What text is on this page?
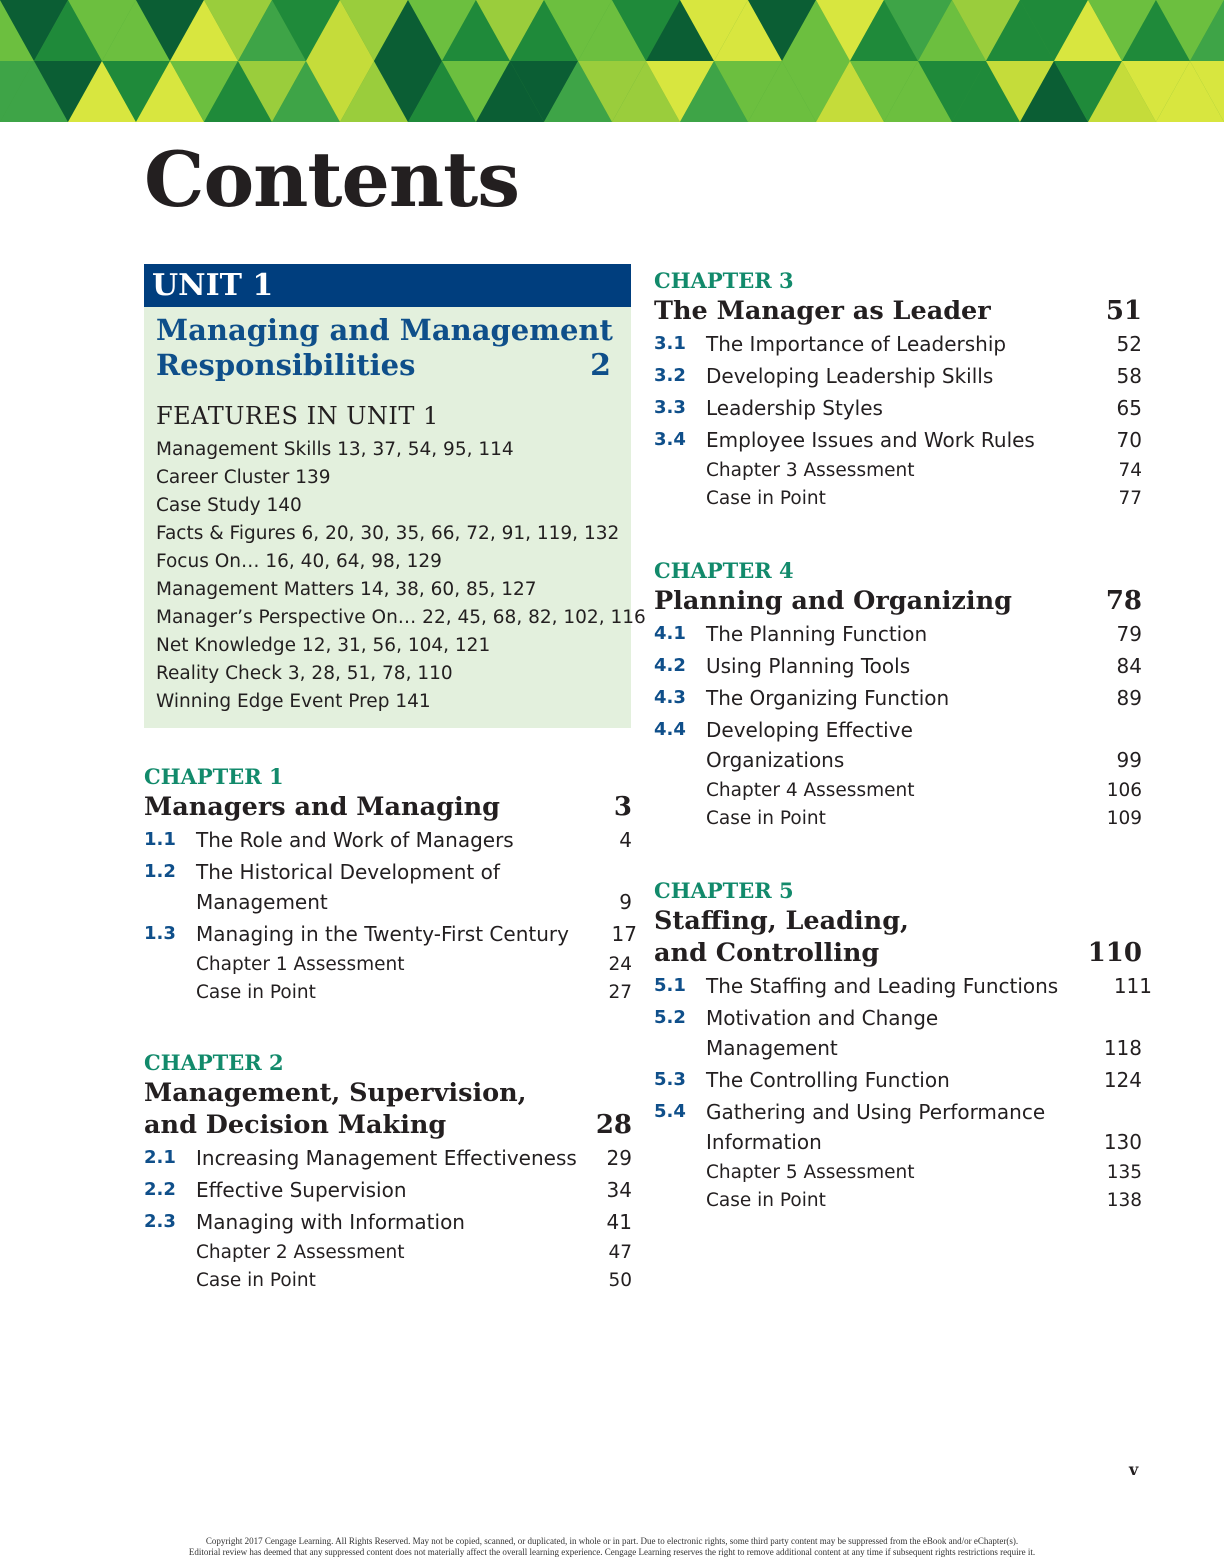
Contents
UNIT 1
Managing and Management Responsibilities	2
FEATURES IN UNIT 1
Management Skills 13, 37, 54, 95, 114
Career Cluster 139
Case Study 140
Facts & Figures 6, 20, 30, 35, 66, 72, 91, 119, 132
Focus On… 16, 40, 64, 98, 129
Management Matters 14, 38, 60, 85, 127
Manager’s Perspective On… 22, 45, 68, 82, 102, 116
Net Knowledge 12, 31, 56, 104, 121
Reality Check 3, 28, 51, 78, 110
Winning Edge Event Prep 141
CHAPTER 1
Managers and Managing	3
1.1 The Role and Work of Managers	4
1.2 The Historical Development of Management	9
1.3 Managing in the Twenty-First Century	17
Chapter 1 Assessment	24
Case in Point	27
CHAPTER 2
Management, Supervision,
and Decision Making	28
2.1 Increasing Management Effectiveness	29
2.2 Effective Supervision	34
2.3 Managing with Information	41
Chapter 2 Assessment	47
Case in Point	50
CHAPTER 3
The Manager as Leader	51
3.1 The Importance of Leadership	52
3.2 Developing Leadership Skills	58
3.3 Leadership Styles	65
3.4 Employee Issues and Work Rules	70
Chapter 3 Assessment	74
Case in Point	77
CHAPTER 4
Planning and Organizing	78
4.1 The Planning Function	79
4.2 Using Planning Tools	84
4.3 The Organizing Function	89
4.4 Developing Effective Organizations	99
Chapter 4 Assessment	106
Case in Point	109
CHAPTER 5
Staffing, Leading,
and Controlling	110
5.1 The Staffing and Leading Functions	111
5.2 Motivation and Change Management	118
5.3 The Controlling Function	124
5.4 Gathering and Using Performance Information	130
Chapter 5 Assessment	135
Case in Point	138
v
Copyright 2017 Cengage Learning. All Rights Reserved. May not be copied, scanned, or duplicated, in whole or in part. Due to electronic rights, some third party content may be suppressed from the eBook and/or eChapter(s).
Editorial review has deemed that any suppressed content does not materially affect the overall learning experience. Cengage Learning reserves the right to remove additional content at any time if subsequent rights restrictions require it.
